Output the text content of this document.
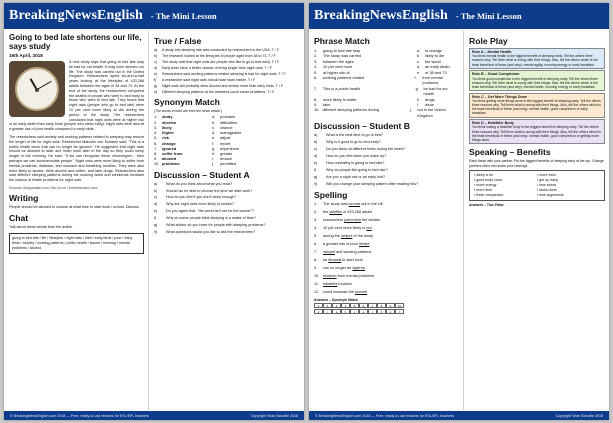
BreakingNewsEnglish - The Mini Lesson
Going to bed late shortens our life, says study
16th April, 2018

A new study says that going to bed late may be bad for our health. It may even shorten our life. The study was carried out in the United Kingdom. Researchers spent six-and-a-half years looking at the lifestyles of 433,268 adults between the ages of 38 and 73. At the end of the study, the researchers compared the deaths of people who went to bed early to those who went to bed late. They found that night owls (people who go to bed late) were 10 per cent more likely to die during the period of the study. The researchers concluded that night owls were at higher risk of an early death than early birds (people who sleep early). Night owls were also at a greater risk of poor health compared to early birds.

The researchers said anxiety and working patterns related to sleeping may reduce the length of life for night owls. Researcher Malcolm von Schantz said, "This is a public health issue that can no longer be ignored." He suggested that night owls should be allowed to start and finish work later in the day so they could sleep longer in the morning. He said: "If we can recognize these chronotypes... then perhaps we can accommodate people." Night owls were more likely to suffer from mental problems, diabetes, and stomach and breathing troubles. They were also more likely to smoke, drink alcohol and coffee, and take drugs. Researchers also said different sleeping patterns during the working week and weekends increase the chance of health problems for night owls.

Sources: theguardian.com / bbc.co.uk / thenewsvision.com
Writing

People should be allowed to choose at what time to start work / school. Discuss.

Chat

Talk about these words from the article.

going to bed late / life / lifestyles / night owls / died / early birds / poor / early birds / anxiety / working patterns / public health / issues / morning / mental problems / alcohol
True / False
a)	A study into sleeping late was conducted by researchers in the USA. T / F
b)	The research looked at the lifestyles of people aged from 38 to 73. T / F
c)	The study said that night owls are people who like to go to bed early. T / F
d)	Early birds have a better chance of living longer than night owls. T / F
e)	Researchers said working patterns related sleeping is bad for night owls. T / F
f)	A researcher said night owls should start work earlier. T / F
g)	Night owls will probably drink alcohol and smoke more than early birds. T / F
h)	Different sleeping patterns at the weekend could cause problems. T / F
Synonym Match
(The words in bold are from the news article.)
1.	study	a.	probable
2.	shorten	b.	difficulties
3.	likely	c.	chance
4.	higher	d.	manageable
5.	risk	e.	adjust
6.	change	f.	report
7.	ignored	g.	experience
8.	suffer from	h.	greater
9.	allowed	i.	reduce
10. problems	j.	permitted
Discussion – Student A
a)	What do you think about what you read?
b)	Should we be able to choose the time we start work?
c)	How do you feel if you don't sleep enough?
d)	Why are night owls more likely to smoke?
e)	Do you agree that, "the world isn't set for the worker"?
f)	Why do some people think sleeping is a waste of time?
g)	What advice do you have for people with sleeping problems?
h)	What questions would you like to ask the researchers?
© BreakingNewsEnglish.com 2018 — Free, ready-to-use lessons for ESL/EFL teachers	Copyright Sean Banville 2018
BreakingNewsEnglish - The Mini Lesson
Phrase Match
1.	going to bed late may	a.	to change
2.	The study was carried	b.	likely to die
3.	between the ages	c.	the world
4.	10 per cent more	d.	an early death
5.	at higher risk of	e.	of 38 and 73
6.	working patterns related	f.	from mental problems
7.	This is a public health	g.	be bad for our health
8.	more likely to suffer	h.	drugs
9.	take	i.	issue
10. different sleeping patterns during	j.	out in the United Kingdom
Discussion – Student B
a)	What is the best time to go to bed?
b)	Why is it good to go to bed early?
c)	Do you sleep at different times during the week?
d)	How do you feel when you wake up?
e)	How unhealthy is going to bed late?
f)	Why do people like going to bed late?
g)	Are you a night owl or an early bird?
h)	Will you change your sleeping pattern after reading this?
Spelling
1.	The study was icrread out in the UK
2.	the ysleftlei of 433,268 adults
3.	researchers paecrdmo the deaths
4.	10 per cent more likely to ied
5.	during the oedprii of the study
6.	a greater risk of poor lhhate
7.	xanyeti and working patterns
8.	be dloweal to start work
9.	can no longer be dgeirno
10. elndmto from mental problems
11.	ediaebts troubles
12. could increase the acnceh
Answers – Synonym Match
1	2	3	4	5	6	7	8	9	10
d	j	a	h	c	e	i	b	g	f
Role Play
Role A – Mental Health
You think mental health is the biggest benefit of sleeping early. Tell the others three reasons why. Tell them what is wrong with their things. Also, tell the others which is the least beneficial of these (and why): mental agility, morning energy or early breakfast.
Role B – Good Complexion
You think good complexion is the biggest benefit of sleeping early. Tell the others three reasons why. Tell them what is wrong with their things. Also, tell the others which is the least beneficial of these (and why): mental health, morning energy or early breakfast.
Role C – Get More Things Done
You think getting more things done is the biggest benefit of sleeping early. Tell the others three reasons why. Tell them what is wrong with their things. Also, tell the others which is the least beneficial of these (and why): mental health, good complexion or early breakfast.
Role D – Healthier Body
You think having a healthier body is the biggest benefit of sleeping early. Tell the others three reasons why. Tell them what is wrong with their things. Also, tell the others which is the least beneficial of these (and why): mental health, good complexion or getting more things done.
Speaking – Benefits

Rank these with your partner. Put the biggest benefits of sleeping early at the top. Change partners often and share your rankings.

• sleep a lot	• more food
• good body clock	• get up early
• more energy	• less stress
• more time	• tasks done
• fresh complexion	• less arguments
Answers – True False
© BreakingNewsEnglish.com 2018 — Free, ready-to-use lessons for ESL/EFL teachers	Copyright Sean Banville 2018
